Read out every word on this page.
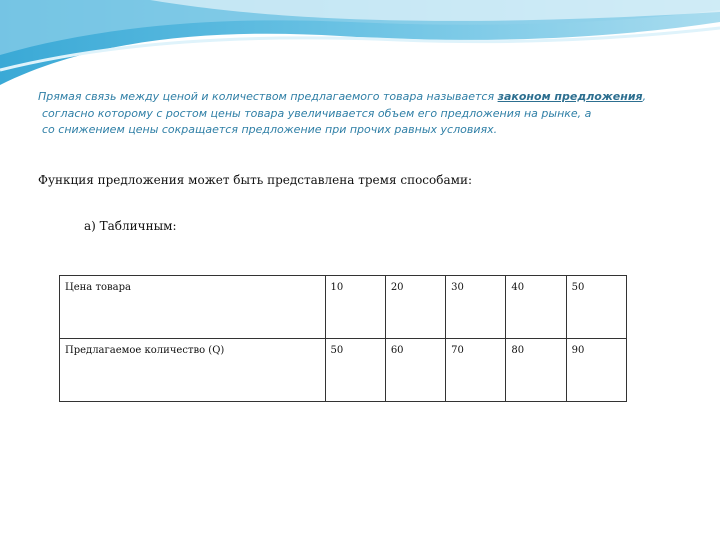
Прямая связь между ценой и количеством предлагаемого товара называется законом предложения,
согласно которому с ростом цены товара увеличивается объем его предложения на рынке, а
со снижением цены сокращается предложение при прочих равных условиях.
Функция предложения может быть представлена тремя способами:
а) Табличным:
Цена товара	10	20	30	40	50
Предлагаемое количество (Q)	50	60	70	80	90
